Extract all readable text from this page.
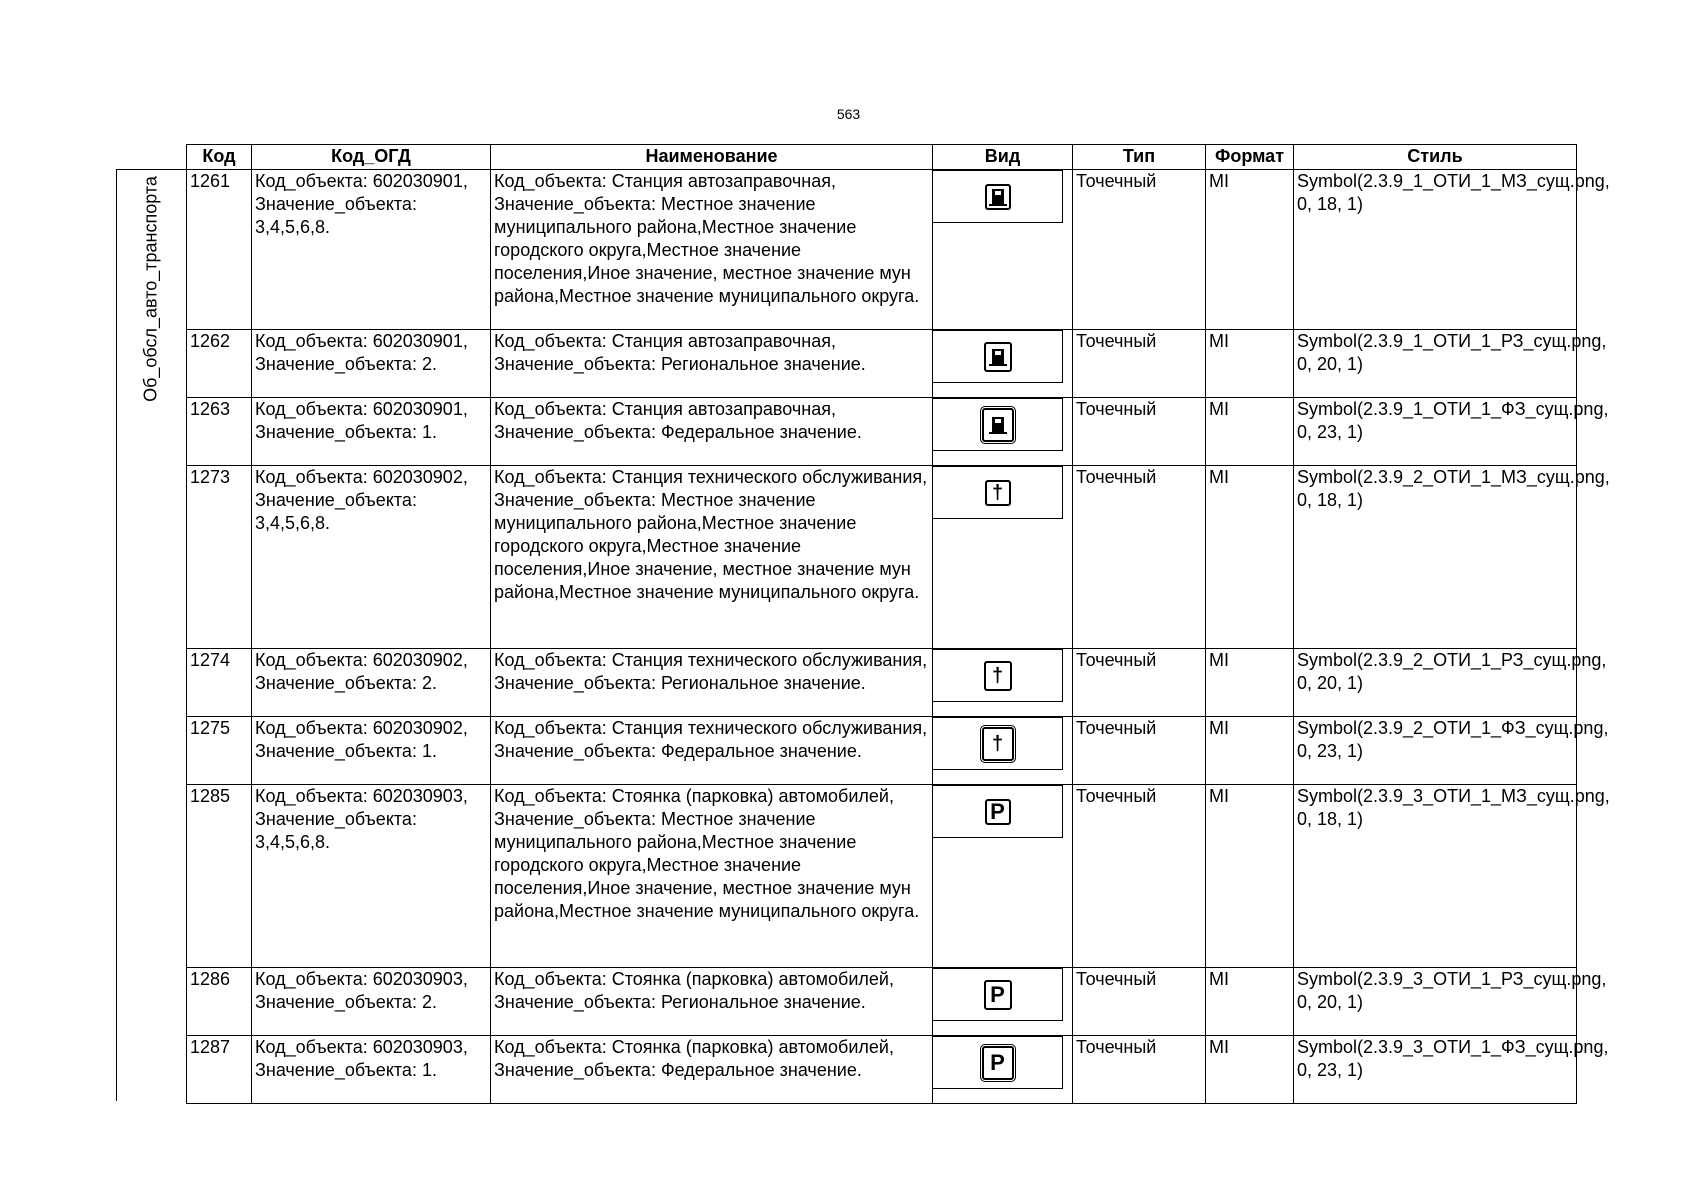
563
Об_обсл_авто_транспорта
Код	Код_ОГД	Наименование	Вид	Тип	Формат	Стиль

1261	Код_объекта: 602030901, Значение_объекта: 3,4,5,6,8.	Код_объекта: Станция автозаправочная, Значение_объекта: Местное значение муниципального района,Местное значение городского округа,Местное значение поселения,Иное значение, местное значение мун района,Местное значение муниципального округа.		Точечный	MI	Symbol(2.3.9_1_ОТИ_1_МЗ_сущ.png, 0, 18, 1)

1262	Код_объекта: 602030901, Значение_объекта: 2.	Код_объекта: Станция автозаправочная, Значение_объекта: Региональное значение.		Точечный	MI	Symbol(2.3.9_1_ОТИ_1_РЗ_сущ.png, 0, 20, 1)

1263	Код_объекта: 602030901, Значение_объекта: 1.	Код_объекта: Станция автозаправочная, Значение_объекта: Федеральное значение.		Точечный	MI	Symbol(2.3.9_1_ОТИ_1_ФЗ_сущ.png, 0, 23, 1)

1273	Код_объекта: 602030902, Значение_объекта: 3,4,5,6,8.	Код_объекта: Станция технического обслуживания, Значение_объекта: Местное значение муниципального района,Местное значение городского округа,Местное значение поселения,Иное значение, местное значение мун района,Местное значение муниципального округа.	†	Точечный	MI	Symbol(2.3.9_2_ОТИ_1_МЗ_сущ.png, 0, 18, 1)

1274	Код_объекта: 602030902, Значение_объекта: 2.	Код_объекта: Станция технического обслуживания, Значение_объекта: Региональное значение.	†	Точечный	MI	Symbol(2.3.9_2_ОТИ_1_РЗ_сущ.png, 0, 20, 1)

1275	Код_объекта: 602030902, Значение_объекта: 1.	Код_объекта: Станция технического обслуживания, Значение_объекта: Федеральное значение.	†	Точечный	MI	Symbol(2.3.9_2_ОТИ_1_ФЗ_сущ.png, 0, 23, 1)

1285	Код_объекта: 602030903, Значение_объекта: 3,4,5,6,8.	Код_объекта: Стоянка (парковка) автомобилей, Значение_объекта: Местное значение муниципального района,Местное значение городского округа,Местное значение поселения,Иное значение, местное значение мун района,Местное значение муниципального округа.	P	Точечный	MI	Symbol(2.3.9_3_ОТИ_1_МЗ_сущ.png, 0, 18, 1)

1286	Код_объекта: 602030903, Значение_объекта: 2.	Код_объекта: Стоянка (парковка) автомобилей, Значение_объекта: Региональное значение.	P	Точечный	MI	Symbol(2.3.9_3_ОТИ_1_РЗ_сущ.png, 0, 20, 1)

1287	Код_объекта: 602030903, Значение_объекта: 1.	Код_объекта: Стоянка (парковка) автомобилей, Значение_объекта: Федеральное значение.	P	Точечный	MI	Symbol(2.3.9_3_ОТИ_1_ФЗ_сущ.png, 0, 23, 1)
